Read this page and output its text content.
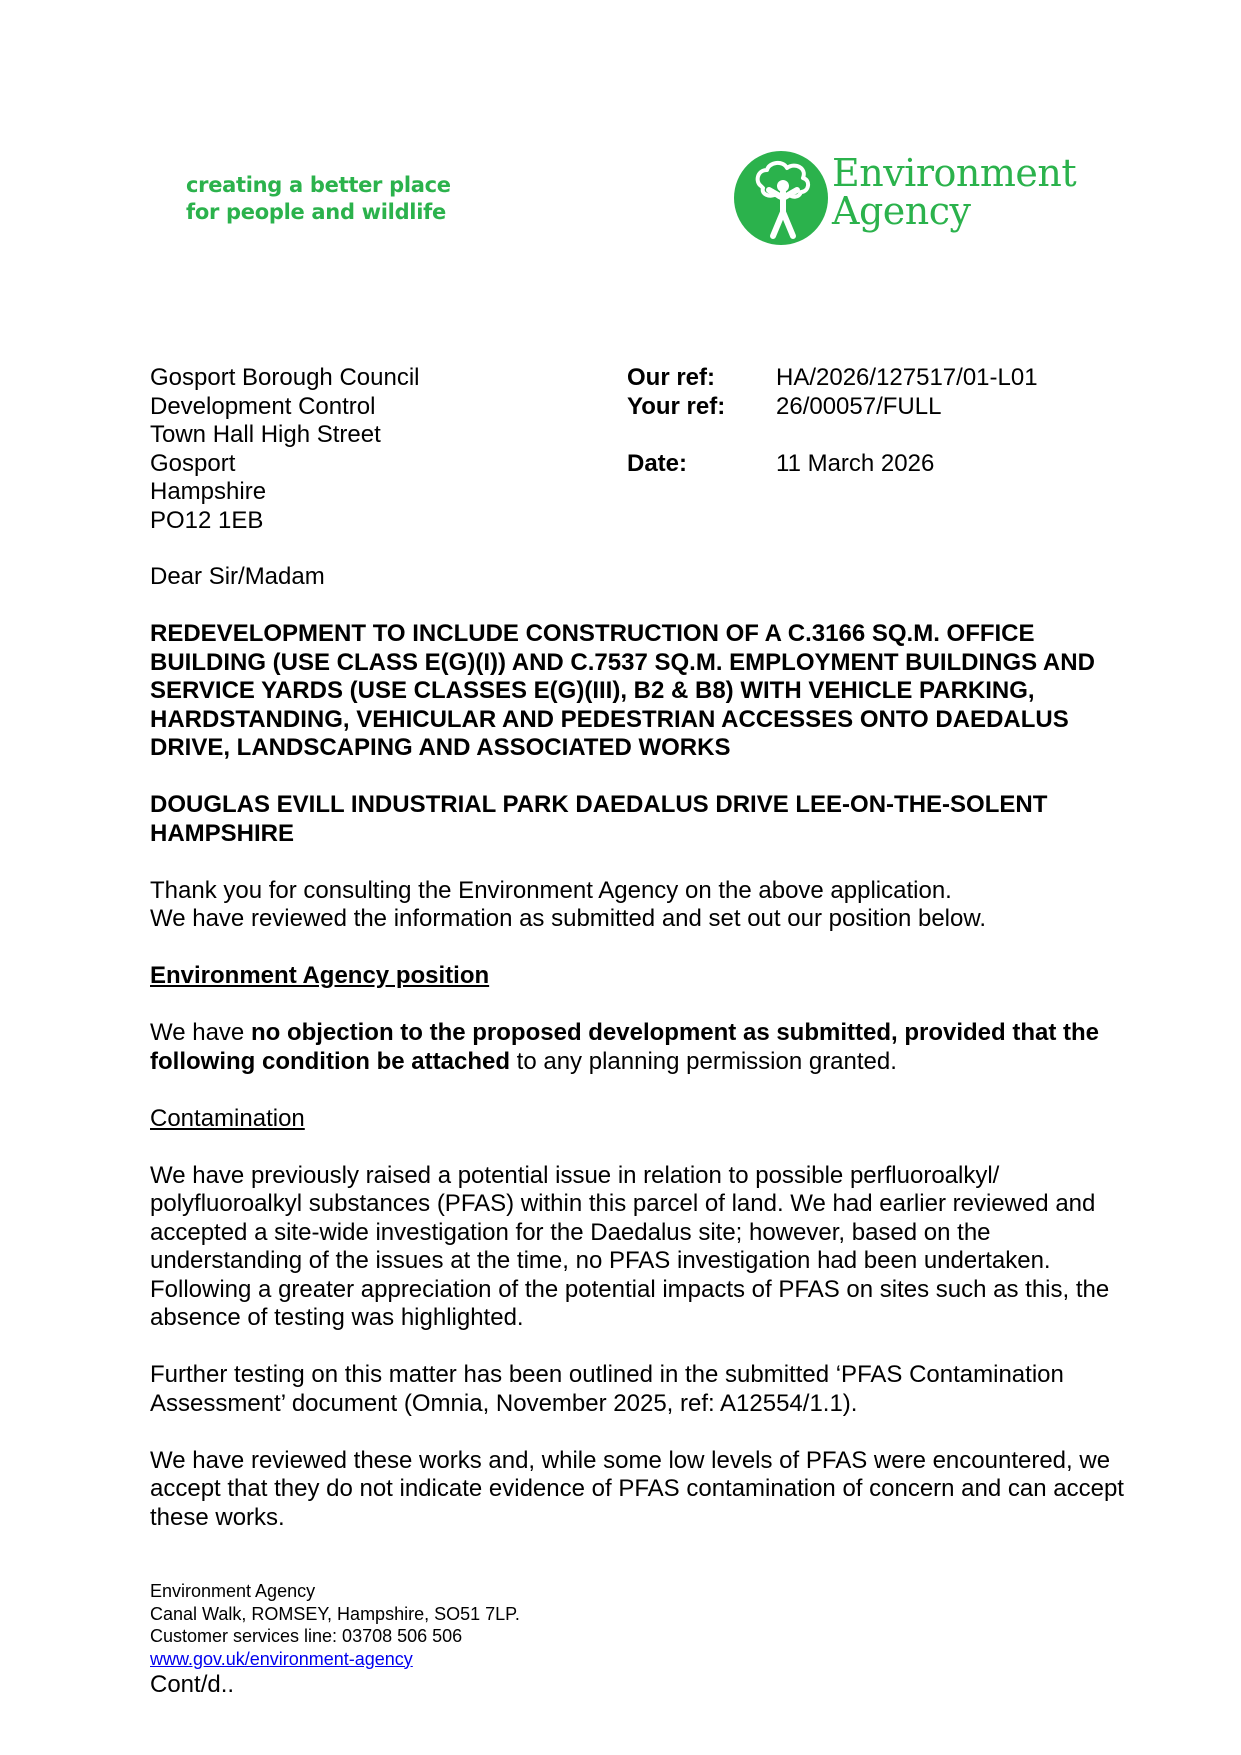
creating a better place
for people and wildlife
Environment
Agency
Gosport Borough Council
Development Control
Town Hall High Street
Gosport
Hampshire
PO12 1EB
Our ref:	HA/2026/127517/01-L01
Your ref:	26/00057/FULL
Date:	11 March 2026

Dear Sir/Madam

REDEVELOPMENT TO INCLUDE CONSTRUCTION OF A C.3166 SQ.M. OFFICE BUILDING (USE CLASS E(G)(I)) AND C.7537 SQ.M. EMPLOYMENT BUILDINGS AND SERVICE YARDS (USE CLASSES E(G)(III), B2 & B8) WITH VEHICLE PARKING, HARDSTANDING, VEHICULAR AND PEDESTRIAN ACCESSES ONTO DAEDALUS DRIVE, LANDSCAPING AND ASSOCIATED WORKS

DOUGLAS EVILL INDUSTRIAL PARK DAEDALUS DRIVE LEE-ON-THE-SOLENT HAMPSHIRE

Thank you for consulting the Environment Agency on the above application.
We have reviewed the information as submitted and set out our position below.

Environment Agency position

We have no objection to the proposed development as submitted, provided that the following condition be attached to any planning permission granted.

Contamination

We have previously raised a potential issue in relation to possible perfluoroalkyl/ polyfluoroalkyl substances (PFAS) within this parcel of land. We had earlier reviewed and accepted a site-wide investigation for the Daedalus site; however, based on the understanding of the issues at the time, no PFAS investigation had been undertaken. Following a greater appreciation of the potential impacts of PFAS on sites such as this, the absence of testing was highlighted.

Further testing on this matter has been outlined in the submitted ‘PFAS Contamination Assessment’ document (Omnia, November 2025, ref: A12554/1.1).

We have reviewed these works and, while some low levels of PFAS were encountered, we accept that they do not indicate evidence of PFAS contamination of concern and can accept these works.

Environment Agency
Canal Walk, ROMSEY, Hampshire, SO51 7LP.
Customer services line: 03708 506 506
www.gov.uk/environment-agency
Cont/d..
